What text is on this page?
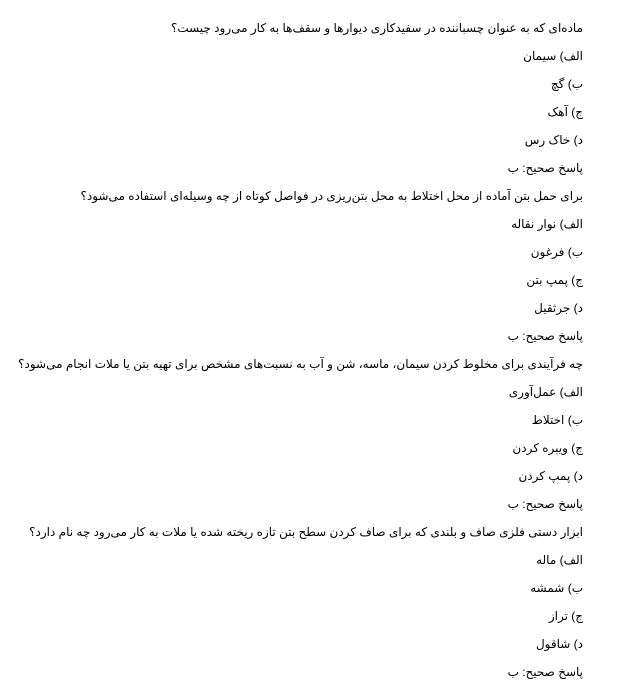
ماده‌ای که به عنوان چسباننده در سفیدکاری دیوارها و سقف‌ها به کار می‌رود چیست؟
الف) سیمان
ب) گچ
ج) آهک
د) خاک رس
پاسخ صحیح: ب
برای حمل بتن آماده از محل اختلاط به محل بتن‌ریزی در فواصل کوتاه از چه وسیله‌ای استفاده می‌شود؟
الف) نوار نقاله
ب) فرغون
ج) پمپ بتن
د) جرثقیل
پاسخ صحیح: ب
چه فرآیندی برای مخلوط کردن سیمان، ماسه، شن و آب به نسبت‌های مشخص برای تهیه بتن یا ملات انجام می‌شود؟
الف) عمل‌آوری
ب) اختلاط
ج) ویبره کردن
د) پمپ کردن
پاسخ صحیح: ب
ابزار دستی فلزی صاف و بلندی که برای صاف کردن سطح بتن تازه ریخته شده یا ملات به کار می‌رود چه نام دارد؟
الف) ماله
ب) شمشه
ج) تراز
د) شاقول
پاسخ صحیح: ب
